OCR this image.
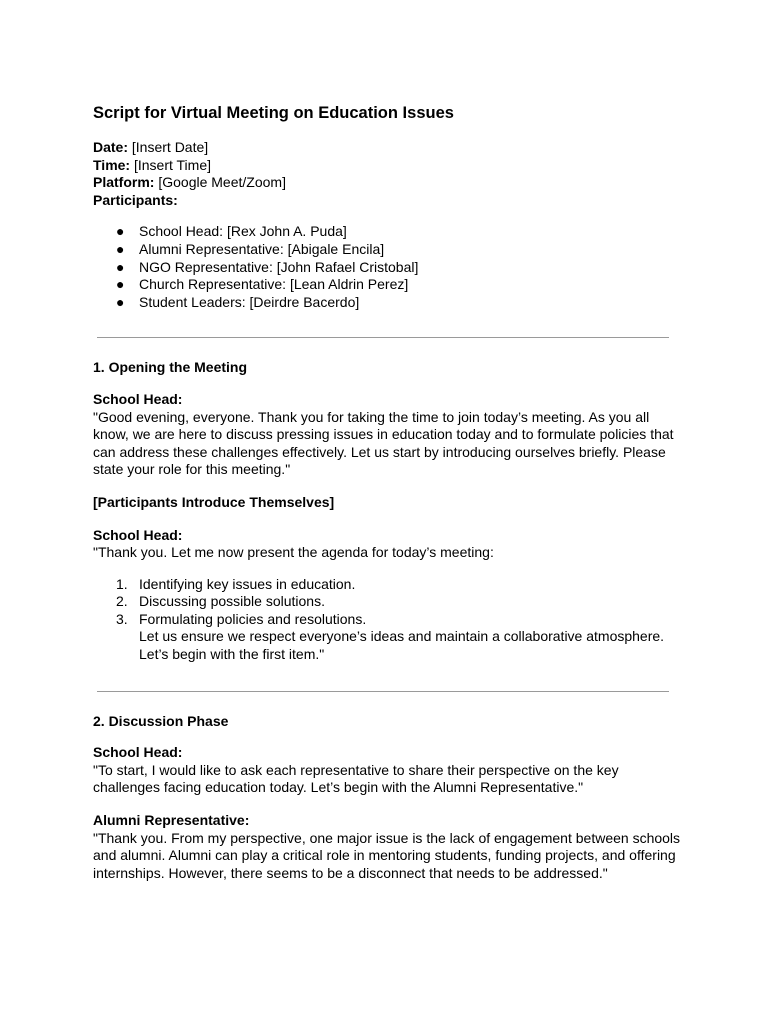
Script for Virtual Meeting on Education Issues

Date: [Insert Date]

Time: [Insert Time]

Platform: [Google Meet/Zoom]

Participants:

● School Head: [Rex John A. Puda]
● Alumni Representative: [Abigale Encila]
● NGO Representative: [John Rafael Cristobal]
● Church Representative: [Lean Aldrin Perez]
● Student Leaders: [Deirdre Bacerdo]

1. Opening the Meeting

School Head:

"Good evening, everyone. Thank you for taking the time to join today’s meeting. As you all know, we are here to discuss pressing issues in education today and to formulate policies that can address these challenges effectively. Let us start by introducing ourselves briefly. Please state your role for this meeting."

[Participants Introduce Themselves]

School Head:

"Thank you. Let me now present the agenda for today’s meeting:

1. Identifying key issues in education.
2. Discussing possible solutions.
3. Formulating policies and resolutions.
Let us ensure we respect everyone’s ideas and maintain a collaborative atmosphere. Let’s begin with the first item."

2. Discussion Phase

School Head:

"To start, I would like to ask each representative to share their perspective on the key challenges facing education today. Let’s begin with the Alumni Representative."

Alumni Representative:

"Thank you. From my perspective, one major issue is the lack of engagement between schools and alumni. Alumni can play a critical role in mentoring students, funding projects, and offering internships. However, there seems to be a disconnect that needs to be addressed."
